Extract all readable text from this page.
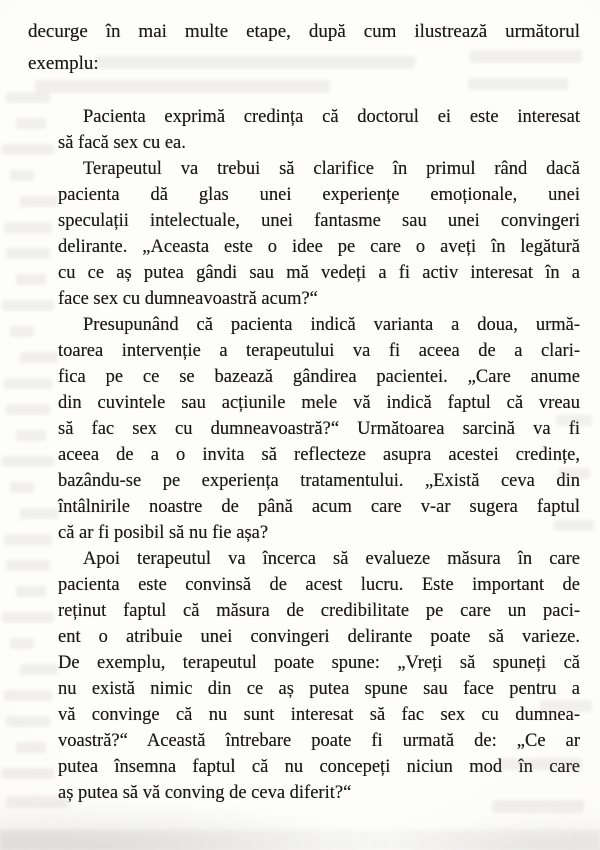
decurge în mai multe etape, după cum ilustrează următorul
exemplu:
Pacienta exprimă credința că doctorul ei este interesat
să facă sex cu ea.
Terapeutul va trebui să clarifice în primul rând dacă
pacienta dă glas unei experiențe emoționale, unei
speculații intelectuale, unei fantasme sau unei convingeri
delirante. „Aceasta este o idee pe care o aveți în legătură
cu ce aș putea gândi sau mă vedeți a fi activ interesat în a
face sex cu dumneavoastră acum?“
Presupunând că pacienta indică varianta a doua, urmă-
toarea intervenție a terapeutului va fi aceea de a clari-
fica pe ce se bazează gândirea pacientei. „Care anume
din cuvintele sau acțiunile mele vă indică faptul că vreau
să fac sex cu dumneavoastră?“ Următoarea sarcină va fi
aceea de a o invita să reflecteze asupra acestei credințe,
bazându-se pe experiența tratamentului. „Există ceva din
întâlnirile noastre de până acum care v-ar sugera faptul
că ar fi posibil să nu fie așa?
Apoi terapeutul va încerca să evalueze măsura în care
pacienta este convinsă de acest lucru. Este important de
reținut faptul că măsura de credibilitate pe care un paci-
ent o atribuie unei convingeri delirante poate să varieze.
De exemplu, terapeutul poate spune: „Vreți să spuneți că
nu există nimic din ce aș putea spune sau face pentru a
vă convinge că nu sunt interesat să fac sex cu dumnea-
voastră?“ Această întrebare poate fi urmată de: „Ce ar
putea însemna faptul că nu concepeți niciun mod în care
aș putea să vă conving de ceva diferit?“
